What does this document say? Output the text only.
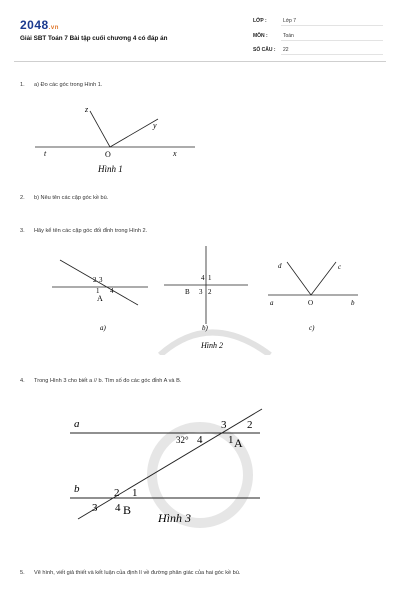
2048.vn
Giải SBT Toán 7 Bài tập cuối chương 4 có đáp án
LỚP :	Lớp 7
MÔN :	Toán
SỐ CÂU : 22
1. a) Đo các góc trong Hình 1.
z
y
t	O	x
Hình 1
2. b) Nêu tên các cặp góc kề bù.
3. Hãy kể tên các cặp góc đối đỉnh trong Hình 2.
2 3
1 4
A
a)
4 1
B 3 2
b)
Hình 2
d	c
a	O	b
c)
4. Trong Hình 3 cho biết a // b. Tìm số đo các góc đỉnh A và B.
a
b
32°
3 2
4 1 A
2 1
3 4 B
Hình 3
5. Vẽ hình, viết giả thiết và kết luận của định lí về đường phân giác của hai góc kề bù.
